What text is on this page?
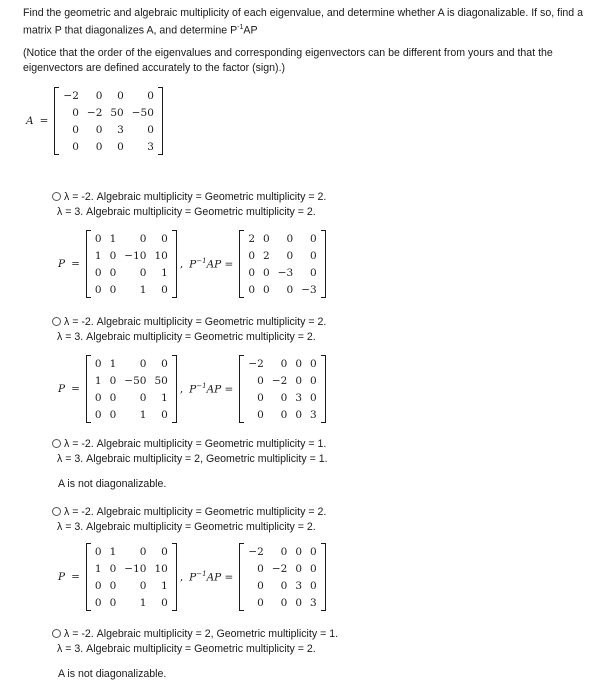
Find the geometric and algebraic multiplicity of each eigenvalue, and determine whether A is diagonalizable. If so, find a matrix P that diagonalizes A, and determine $P^{-1}AP$
(Notice that the order of the eigenvalues and corresponding eigenvectors can be different from yours and that the eigenvectors are defined accurately to the factor (sign).)
A =
−2	0	0	0
0	−2	50	−50
0	0	3	0
0	0	0	3
λ = -2. Algebraic multiplicity = Geometric multiplicity = 2.
λ = 3. Algebraic multiplicity = Geometric multiplicity = 2.
P =
0	1	0	0
1	0	−10	10
0	0	0	1
0	0	1	0
, $P^{-1}AP$ =
2	0	0	0
0	2	0	0
0	0	−3	0
0	0	0	−3
λ = -2. Algebraic multiplicity = Geometric multiplicity = 2.
λ = 3. Algebraic multiplicity = Geometric multiplicity = 2.
P =
0	1	0	0
1	0	−50	50
0	0	0	1
0	0	1	0
, $P^{-1}AP$ =
−2	0	0	0
0	−2	0	0
0	0	3	0
0	0	0	3
λ = -2. Algebraic multiplicity = Geometric multiplicity = 1.
λ = 3. Algebraic multiplicity = 2, Geometric multiplicity = 1.
A is not diagonalizable.
λ = -2. Algebraic multiplicity = Geometric multiplicity = 2.
λ = 3. Algebraic multiplicity = Geometric multiplicity = 2.
P =
0	1	0	0
1	0	−10	10
0	0	0	1
0	0	1	0
, $P^{-1}AP$ =
−2	0	0	0
0	−2	0	0
0	0	3	0
0	0	0	3
λ = -2. Algebraic multiplicity = 2, Geometric multiplicity = 1.
λ = 3. Algebraic multiplicity = Geometric multiplicity = 2.
A is not diagonalizable.
